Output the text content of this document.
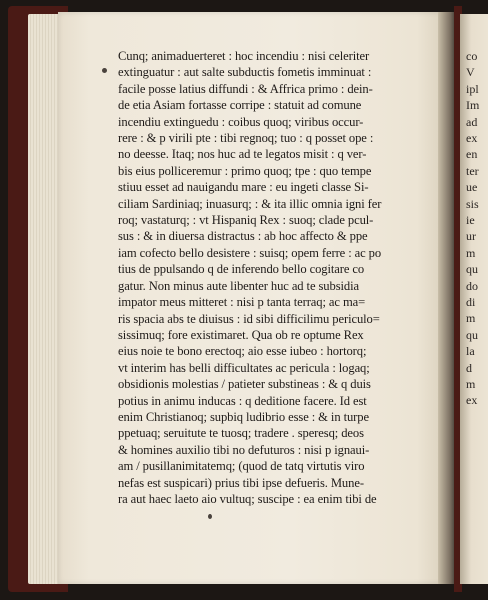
Cunq; animaduerteret : hoc incendiu : nisi celeriter
extinguatur : aut salte subductis fometis imminuat :
facile posse latius diffundi : & Affrica primo : dein-
de etia Asiam fortasse corripe : statuit ad comune
incendiu extinguedu : coibus quoq; viribus occur-
rere : & p virili pte : tibi regnoq; tuo : q posset ope :
no deesse. Itaq; nos huc ad te legatos misit : q ver-
bis eius polliceremur : primo quoq; tpe : quo tempe
stiuu esset ad nauigandu mare : eu ingeti classe Si-
ciliam Sardiniaq; inuasurq; : & ita illic omnia igni fer
roq; vastaturq; : vt Hispaniq Rex : suoq; clade pcul-
sus : & in diuersa distractus : ab hoc affecto & ppe
iam cofecto bello desistere : suisq; opem ferre : ac po
tius de ppulsando q de inferendo bello cogitare co
gatur. Non minus aute libenter huc ad te subsidia
impator meus mitteret : nisi p tanta terraq; ac ma=
ris spacia abs te diuisus : id sibi difficilimu periculo=
sissimuq; fore existimaret. Qua ob re optume Rex
eius noie te bono erectoq; aio esse iubeo : hortorq;
vt interim has belli difficultates ac pericula : logaq;
obsidionis molestias / patieter substineas : & q duis
potius in animu inducas : q deditione facere. Id est
enim Christianoq; supbiq ludibrio esse : & in turpe
ppetuaq; seruitute te tuosq; tradere . speresq; deos
& homines auxilio tibi no defuturos : nisi p ignaui-
am / pusillanimitatemq; (quod de tatq virtutis viro
nefas est suspicari) prius tibi ipse defueris. Mune-
ra aut haec laeto aio vultuq; suscipe : ea enim tibi de
co
V
ipl
Im
ad
ex
en
ter
ue
sis
ie
ur
m
qu
do
di
m
qu
la
d
m
ex
